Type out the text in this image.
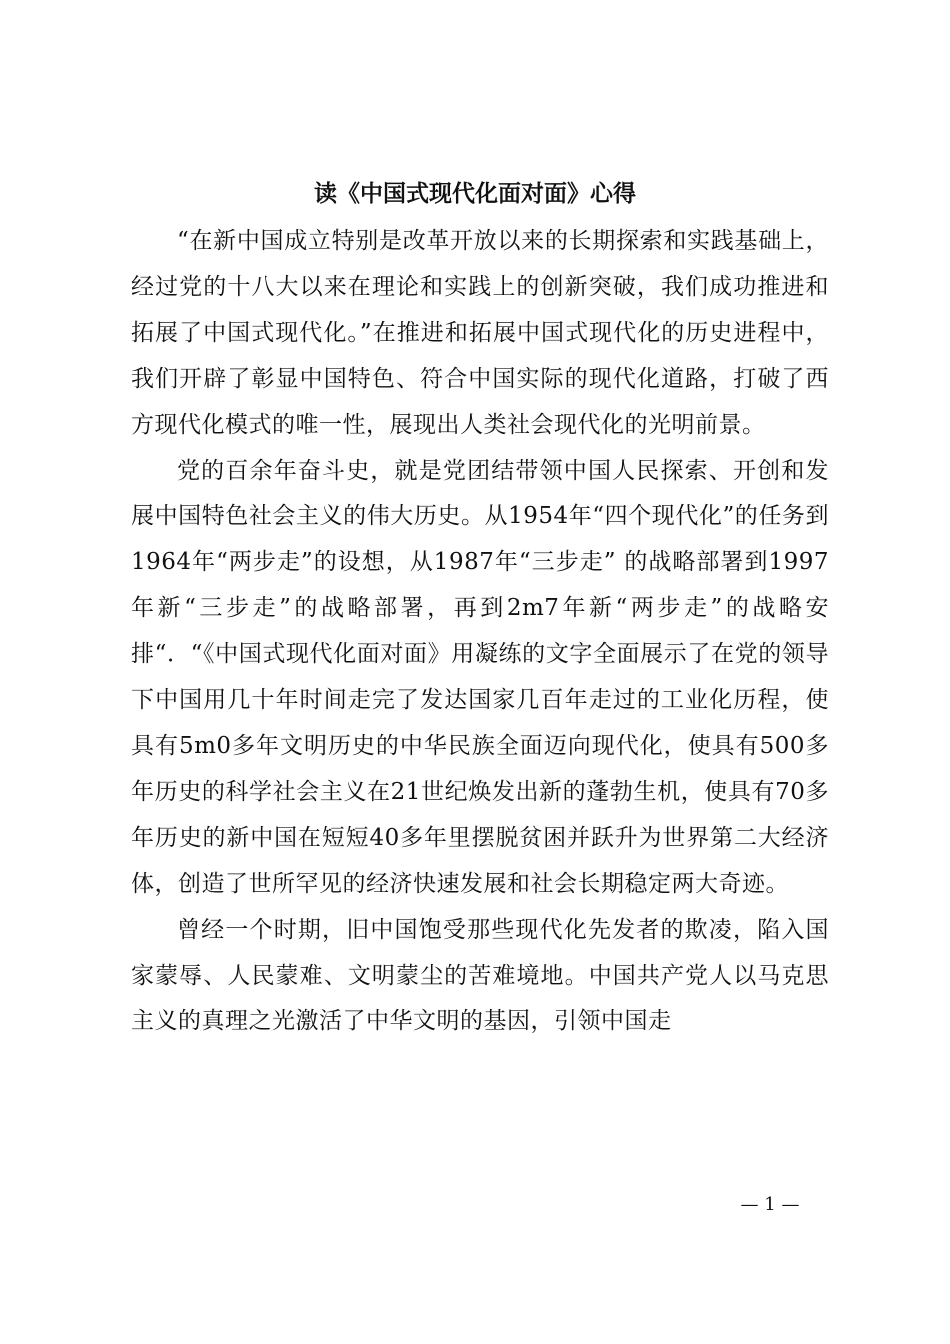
读《中国式现代化面对面》心得

“在新中国成立特别是改革开放以来的长期探索和实践基础上，经过党的十八大以来在理论和实践上的创新突破，我们成功推进和拓展了中国式现代化。”在推进和拓展中国式现代化的历史进程中，我们开辟了彰显中国特色、符合中国实际的现代化道路，打破了西方现代化模式的唯一性，展现出人类社会现代化的光明前景。

党的百余年奋斗史，就是党团结带领中国人民探索、开创和发展中国特色社会主义的伟大历史。从1954年“四个现代化”的任务到1964年“两步走”的设想，从1987年“三步走” 的战略部署到1997年新“三步走”的战略部署，再到2m7年新“两步走”的战略安排“．“《中国式现代化面对面》用凝练的文字全面展示了在党的领导下中国用几十年时间走完了发达国家几百年走过的工业化历程，使具有5m0多年文明历史的中华民族全面迈向现代化，使具有500多年历史的科学社会主义在21世纪焕发出新的蓬勃生机，使具有70多年历史的新中国在短短40多年里摆脱贫困并跃升为世界第二大经济体，创造了世所罕见的经济快速发展和社会长期稳定两大奇迹。

曾经一个时期，旧中国饱受那些现代化先发者的欺凌，陷入国家蒙辱、人民蒙难、文明蒙尘的苦难境地。中国共产党人以马克思主义的真理之光激活了中华文明的基因，引领中国走

— 1 —
